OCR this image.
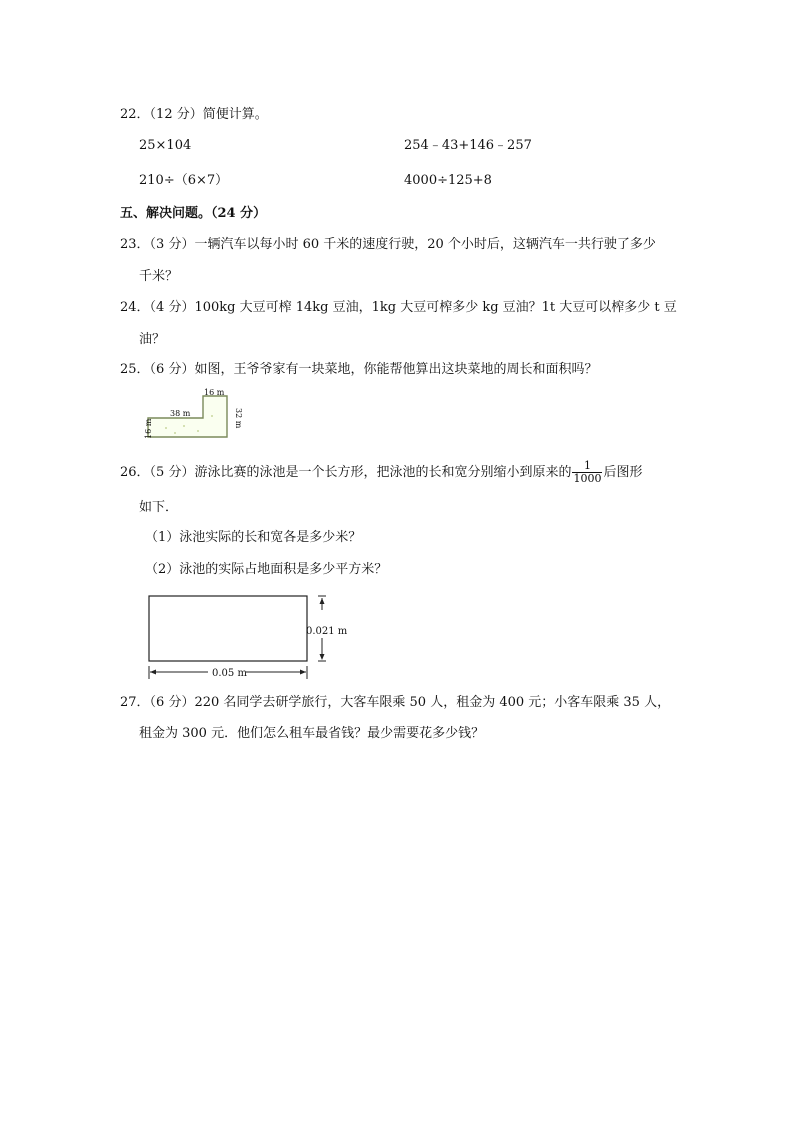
22．（12 分）简便计算。
25×104	254﹣43+146﹣257
210÷（6×7）	4000÷125+8
五、解决问题。（24 分）
23．（3 分）一辆汽车以每小时 60 千米的速度行驶，20 个小时后，这辆汽车一共行驶了多少
千米？
24．（4 分）100kg 大豆可榨 14kg 豆油，1kg 大豆可榨多少 kg 豆油？1t 大豆可以榨多少 t 豆
油？
25．（6 分）如图，王爷爷家有一块菜地，你能帮他算出这块菜地的周长和面积吗？
16 m
38 m	32 m
16 m
26．（5 分）游泳比赛的泳池是一个长方形，把泳池的长和宽分别缩小到原来的 $\frac{1}{1000}$ 后图形
如下．
（1）泳池实际的长和宽各是多少米？
（2）泳池的实际占地面积是多少平方米？
0.021 m
0.05 m
27．（6 分）220 名同学去研学旅行，大客车限乘 50 人，租金为 400 元；小客车限乘 35 人，
租金为 300 元．他们怎么租车最省钱？最少需要花多少钱？
